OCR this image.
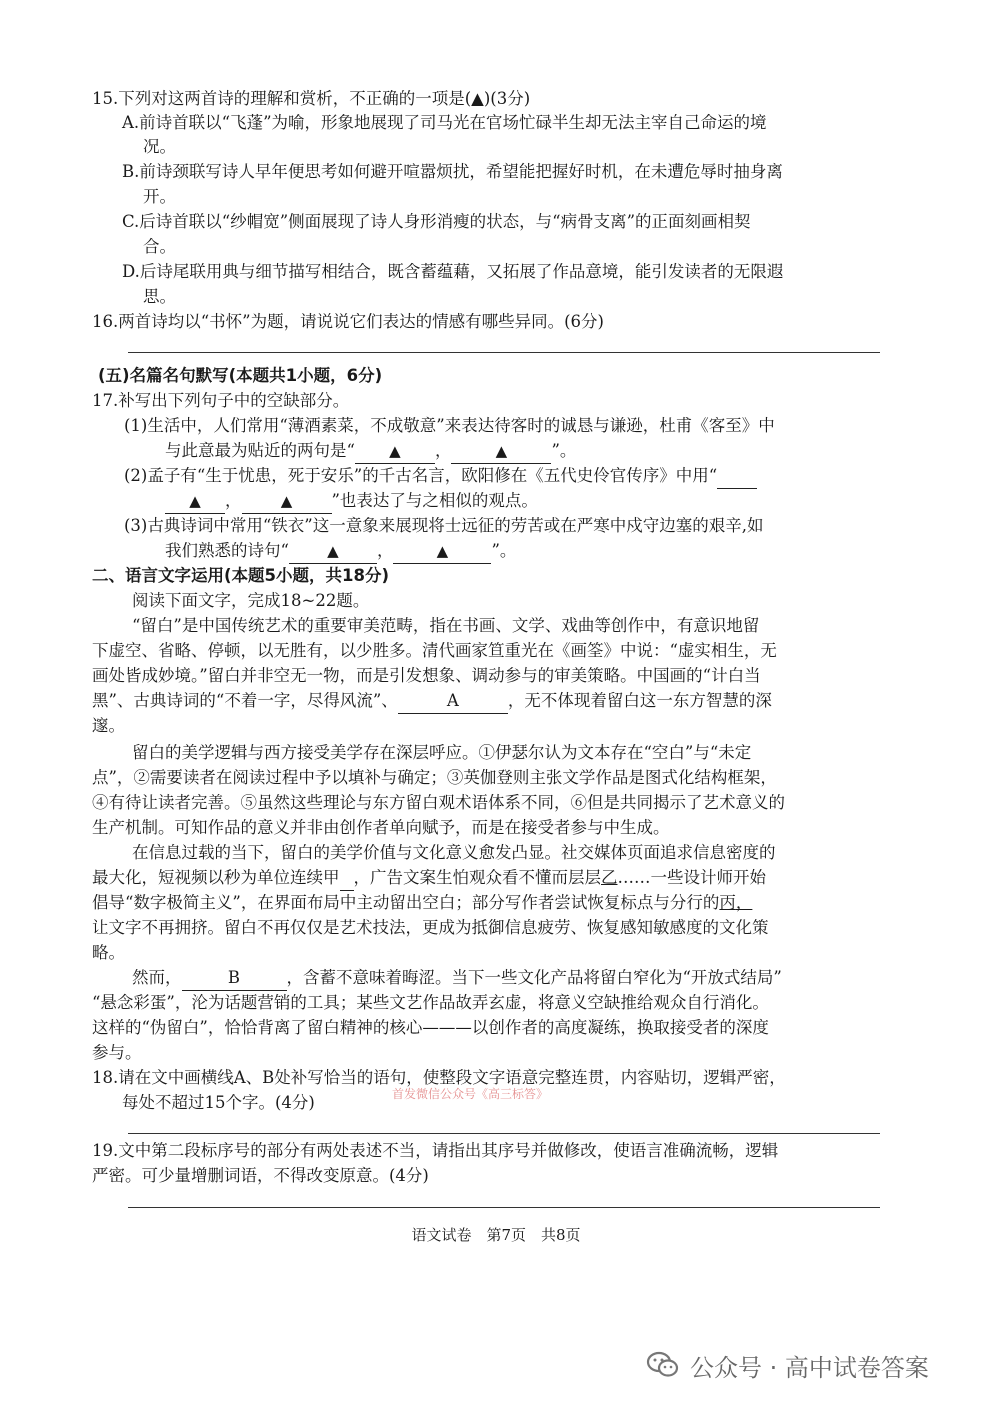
15.下列对这两首诗的理解和赏析，不正确的一项是(▲)(3分)
A.前诗首联以“飞蓬”为喻，形象地展现了司马光在官场忙碌半生却无法主宰自己命运的境
况。
B.前诗颈联写诗人早年便思考如何避开喧嚣烦扰，希望能把握好时机，在未遭危辱时抽身离
开。
C.后诗首联以“纱帽宽”侧面展现了诗人身形消瘦的状态，与“病骨支离”的正面刻画相契
合。
D.后诗尾联用典与细节描写相结合，既含蓄蕴藉，又拓展了作品意境，能引发读者的无限遐
思。
16.两首诗均以“书怀”为题，请说说它们表达的情感有哪些异同。(6分)
(五)名篇名句默写(本题共1小题，6分)
17.补写出下列句子中的空缺部分。
(1)生活中，人们常用“薄酒素菜，不成敬意”来表达待客时的诚恳与谦逊，杜甫《客至》中
与此意最为贴近的两句是“ ▲ ，	▲	”。
(2)孟子有“生于忧患，死于安乐”的千古名言，欧阳修在《五代史伶官传序》中用“
▲ ，	▲ ”也表达了与之相似的观点。
(3)古典诗词中常用“铁衣”这一意象来展现将士远征的劳苦或在严寒中戍守边塞的艰辛,如
我们熟悉的诗句“	▲ ，	▲	”。
二、语言文字运用(本题5小题，共18分)
阅读下面文字，完成18~22题。
“留白”是中国传统艺术的重要审美范畴，指在书画、文学、戏曲等创作中，有意识地留
下虚空、省略、停顿，以无胜有，以少胜多。清代画家笪重光在《画筌》中说：“虚实相生，无
画处皆成妙境。”留白并非空无一物，而是引发想象、调动参与的审美策略。中国画的“计白当
黑”、古典诗词的“不着一字，尽得风流”、	A	，无不体现着留白这一东方智慧的深
邃。
留白的美学逻辑与西方接受美学存在深层呼应。①伊瑟尔认为文本存在“空白”与“未定
点”，②需要读者在阅读过程中予以填补与确定；③英伽登则主张文学作品是图式化结构框架，
④有待让读者完善。⑤虽然这些理论与东方留白观术语体系不同，⑥但是共同揭示了艺术意义的
生产机制。可知作品的意义并非由创作者单向赋予，而是在接受者参与中生成。
在信息过载的当下，留白的美学价值与文化意义愈发凸显。社交媒体页面追求信息密度的
最大化，短视频以秒为单位连续甲 ，广告文案生怕观众看不懂而层层乙……一些设计师开始
倡导“数字极简主义”，在界面布局中主动留出空白；部分写作者尝试恢复标点与分行的丙，
让文字不再拥挤。留白不再仅仅是艺术技法，更成为抵御信息疲劳、恢复感知敏感度的文化策
略。
然而，	B	，含蓄不意味着晦涩。当下一些文化产品将留白窄化为“开放式结局”
“悬念彩蛋”，沦为话题营销的工具；某些文艺作品故弄玄虚，将意义空缺推给观众自行消化。
这样的“伪留白”，恰恰背离了留白精神的核心———以创作者的高度凝练，换取接受者的深度
参与。
18.请在文中画横线A、B处补写恰当的语句，使整段文字语意完整连贯，内容贴切，逻辑严密，
每处不超过15个字。(4分)	首发微信公众号《高三标答》
19.文中第二段标序号的部分有两处表述不当，请指出其序号并做修改，使语言准确流畅，逻辑
严密。可少量增删词语，不得改变原意。(4分)
语文试卷　第7页　共8页
公众号 · 高中试卷答案
